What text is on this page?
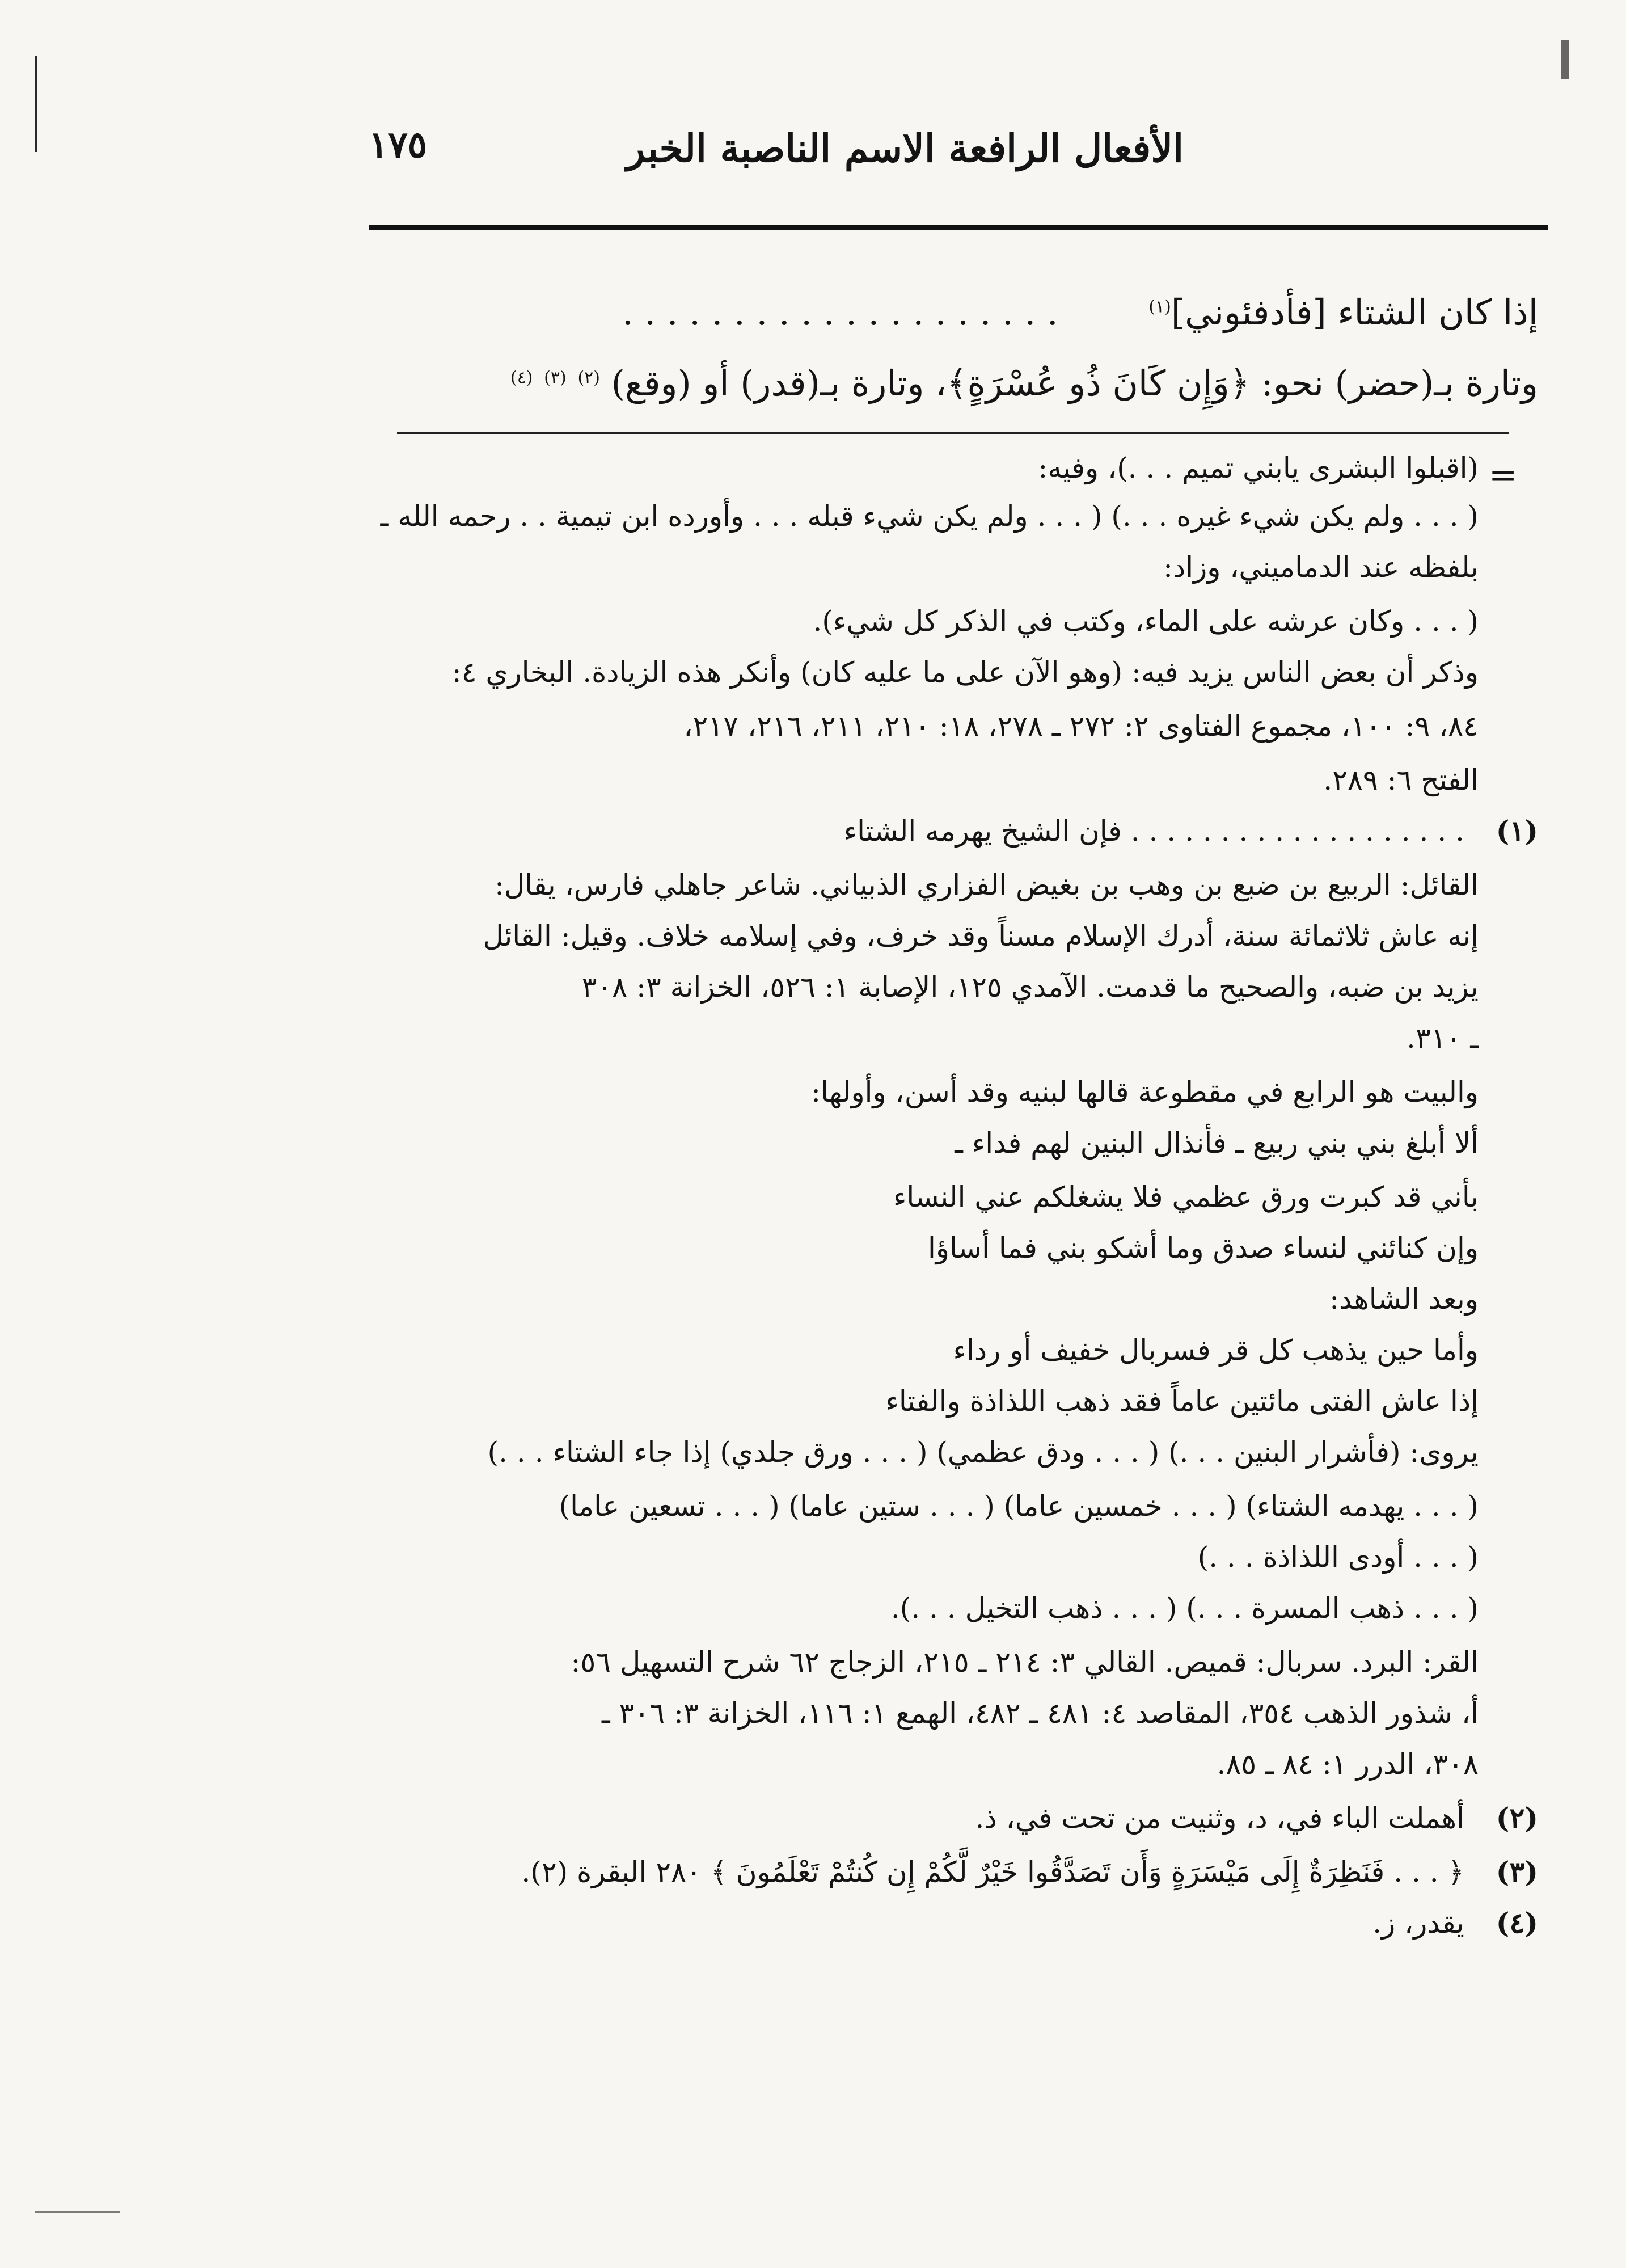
١٧٥	الأفعال الرافعة الاسم الناصبة الخبر
إذا كان الشتاء [فأدفئوني]$^{(١)}$ . . . . . . . . . . . . . . . . . . . .
وتارة بـ(حضر) نحو: ﴿وَإِن كَانَ ذُو عُسْرَةٍ﴾، وتارة بـ(قدر) أو (وقع) $^{(٢)}$ $^{(٣)}$ $^{(٤)}$
=
(اقبلوا البشرى يابني تميم . . .)، وفيه:
( . . . ولم يكن شيء غيره . . .) ( . . . ولم يكن شيء قبله . . . وأورده ابن تيمية . . رحمه الله ـ
بلفظه عند الدماميني، وزاد:
( . . . وكان عرشه على الماء، وكتب في الذكر كل شيء).
وذكر أن بعض الناس يزيد فيه: (وهو الآن على ما عليه كان) وأنكر هذه الزيادة. البخاري ٤:
٨٤، ٩: ١٠٠، مجموع الفتاوى ٢: ٢٧٢ ـ ٢٧٨، ١٨: ٢١٠، ٢١١، ٢١٦، ٢١٧،
الفتح ٦: ٢٨٩.
(١) . . . . . . . . . . . . . . . . . . . فإن الشيخ يهرمه الشتاء
القائل: الربيع بن ضبع بن وهب بن بغيض الفزاري الذبياني. شاعر جاهلي فارس، يقال:
إنه عاش ثلاثمائة سنة، أدرك الإسلام مسناً وقد خرف، وفي إسلامه خلاف. وقيل: القائل
يزيد بن ضبه، والصحيح ما قدمت. الآمدي ١٢٥، الإصابة ١: ٥٢٦، الخزانة ٣: ٣٠٨
ـ ٣١٠.
والبيت هو الرابع في مقطوعة قالها لبنيه وقد أسن، وأولها:
ألا أبلغ بني بني ربيع ـ فأنذال البنين لهم فداء ـ
بأني قد كبرت ورق عظمي فلا يشغلكم عني النساء
وإن كنائني لنساء صدق وما أشكو بني فما أساؤا
وبعد الشاهد:
وأما حين يذهب كل قر فسربال خفيف أو رداء
إذا عاش الفتى مائتين عاماً فقد ذهب اللذاذة والفتاء
يروى: (فأشرار البنين . . .) ( . . . ودق عظمي) ( . . . ورق جلدي) إذا جاء الشتاء . . .)
( . . . يهدمه الشتاء) ( . . . خمسين عاما) ( . . . ستين عاما) ( . . . تسعين عاما)
( . . . أودى اللذاذة . . .)
( . . . ذهب المسرة . . .) ( . . . ذهب التخيل . . .).
القر: البرد. سربال: قميص. القالي ٣: ٢١٤ ـ ٢١٥، الزجاج ٦٢ شرح التسهيل ٥٦:
أ، شذور الذهب ٣٥٤، المقاصد ٤: ٤٨١ ـ ٤٨٢، الهمع ١: ١١٦، الخزانة ٣: ٣٠٦ ـ
٣٠٨، الدرر ١: ٨٤ ـ ٨٥.
(٢) أهملت الباء في، د، وثنيت من تحت في، ذ.
(٣) ﴿ . . . فَنَظِرَةٌ إِلَى مَيْسَرَةٍ وَأَن تَصَدَّقُوا خَيْرٌ لَّكُمْ إِن كُنتُمْ تَعْلَمُونَ ﴾ ٢٨٠ البقرة (٢).
(٤) يقدر، ز.
